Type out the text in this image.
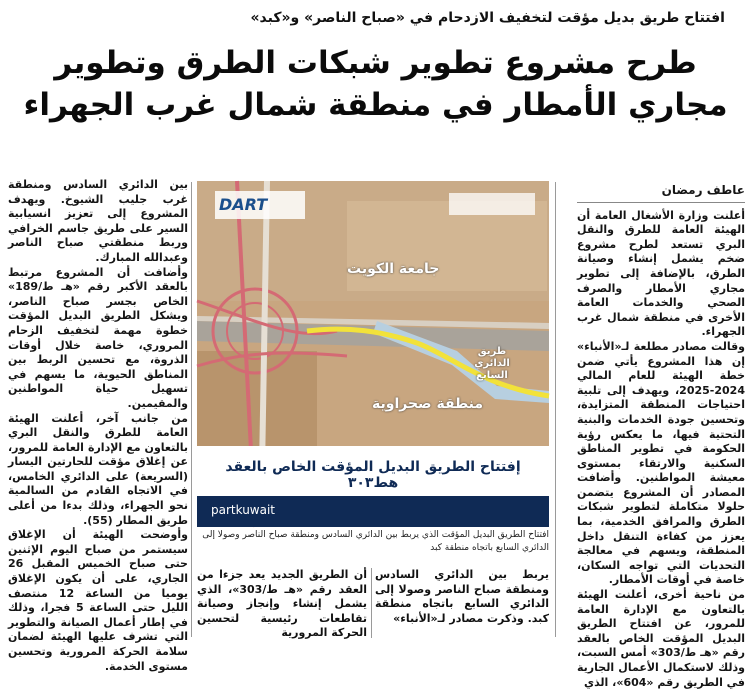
افتتاح طريق بديل مؤقت لتخفيف الازدحام في «صباح الناصر» و«كبد»
طرح مشروع تطوير شبكات الطرق وتطوير
مجاري الأمطار في منطقة شمال غرب الجهراء
عاطف رمضان

أعلنت وزارة الأشغال العامة أن الهيئة العامة للطرق والنقل البري تستعد لطرح مشروع ضخم يشمل إنشاء وصيانة الطرق، بالإضافة إلى تطوير مجاري الأمطار والصرف الصحي والخدمات العامة الأخرى في منطقة شمال غرب الجهراء.

وقالت مصادر مطلعة لـ«الأنباء» إن هذا المشروع يأتي ضمن خطة الهيئة للعام المالي 2024-2025، ويهدف إلى تلبية احتياجات المنطقة المتزايدة، وتحسين جودة الخدمات والبنية التحتية فيها، ما يعكس رؤية الحكومة في تطوير المناطق السكنية والارتقاء بمستوى معيشة المواطنين. وأضافت المصادر أن المشروع يتضمن حلولا متكاملة لتطوير شبكات الطرق والمرافق الخدمية، بما يعزز من كفاءة التنقل داخل المنطقة، ويسهم في معالجة التحديات التي تواجه السكان، خاصة في أوقات الأمطار.

من ناحية أخرى، أعلنت الهيئة بالتعاون مع الإدارة العامة للمرور، عن افتتاح الطريق البديل المؤقت الخاص بالعقد رقم «هـ ط/303» أمس السبت، وذلك لاستكمال الأعمال الجارية في الطريق رقم «604»، الذي

DART
جامعة الكويت
منطقة صحراوية
طريق الدائري السابع
إفتتاح الطريق البديل المؤقت الخاص بالعقد هط٣٠٣
partkuwait
افتتاح الطريق البديل المؤقت الذي يربط بين الدائري السادس ومنطقة صباح الناصر وصولا إلى الدائري السابع باتجاه منطقة كبد
يربط بين الدائري السادس ومنطقة صباح الناصر وصولا إلى الدائري السابع باتجاه منطقة كبد. وذكرت مصادر لـ«الأنباء»
أن الطريق الجديد يعد جزءا من العقد رقم «هـ ط/303»، الذي يشمل إنشاء وإنجاز وصيانة تقاطعات رئيسية لتحسين الحركة المرورية

بين الدائري السادس ومنطقة غرب جليب الشيوخ. ويهدف المشروع إلى تعزيز انسيابية السير على طريق جاسم الخرافي وربط منطقتي صباح الناصر وعبدالله المبارك.

وأضافت أن المشروع مرتبط بالعقد الأكبر رقم «هـ ط/189» الخاص بجسر صباح الناصر، ويشكل الطريق البديل المؤقت خطوة مهمة لتخفيف الزحام المروري، خاصة خلال أوقات الذروة، مع تحسين الربط بين المناطق الحيوية، ما يسهم في تسهيل حياة المواطنين والمقيمين.

من جانب آخر، أعلنت الهيئة العامة للطرق والنقل البري بالتعاون مع الإدارة العامة للمرور، عن إغلاق مؤقت للحارتين اليسار (السريعة) على الدائري الخامس، في الاتجاه القادم من السالمية نحو الجهراء، وذلك بدءا من أعلى طريق المطار (55).

وأوضحت الهيئة أن الإغلاق سيستمر من صباح اليوم الإثنين حتى صباح الخميس المقبل 26 الجاري، على أن يكون الإغلاق يوميا من الساعة 12 منتصف الليل حتى الساعة 5 فجرا، وذلك في إطار أعمال الصيانة والتطوير التي تشرف عليها الهيئة لضمان سلامة الحركة المرورية وتحسين مستوى الخدمة.
